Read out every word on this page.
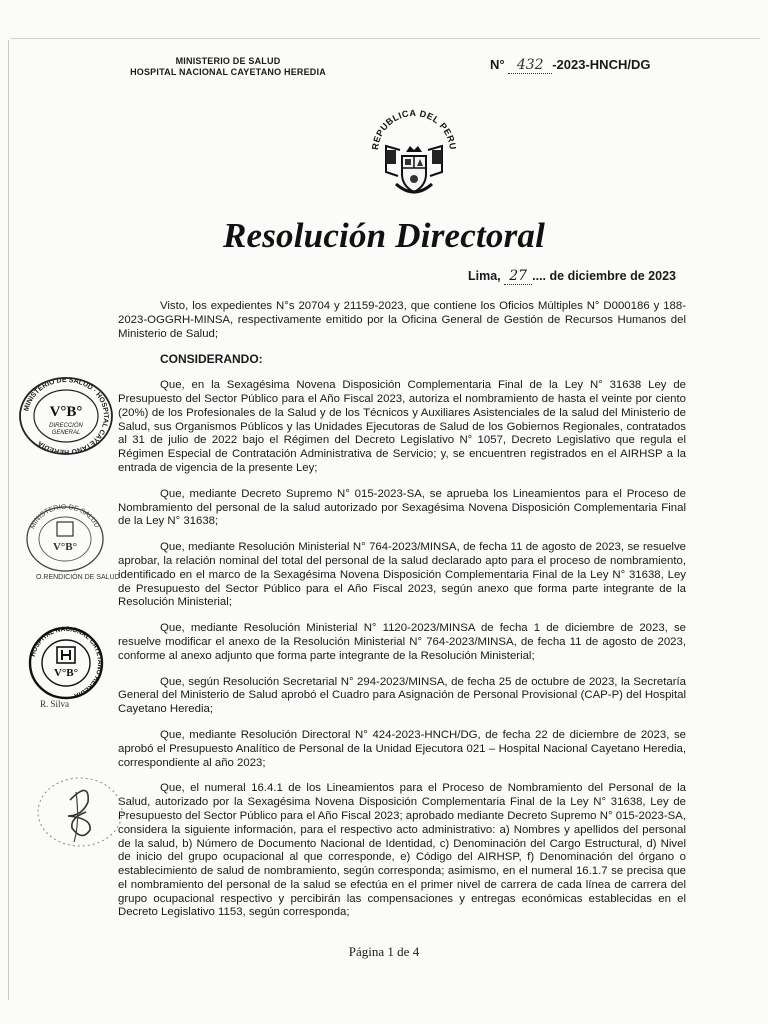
MINISTERIO DE SALUD
HOSPITAL NACIONAL CAYETANO HEREDIA	N° 432 -2023-HNCH/DG
REPUBLICA DEL PERU
Resolución Directoral
Lima, 27 .... de diciembre de 2023

Visto, los expedientes N°s 20704 y 21159-2023, que contiene los Oficios Múltiples N° D000186 y 188-2023-OGGRH-MINSA, respectivamente emitido por la Oficina General de Gestión de Recursos Humanos del Ministerio de Salud;

CONSIDERANDO:

Que, en la Sexagésima Novena Disposición Complementaria Final de la Ley N° 31638 Ley de Presupuesto del Sector Público para el Año Fiscal 2023, autoriza el nombramiento de hasta el veinte por ciento (20%) de los Profesionales de la Salud y de los Técnicos y Auxiliares Asistenciales de la salud del Ministerio de Salud, sus Organismos Públicos y las Unidades Ejecutoras de Salud de los Gobiernos Regionales, contratados al 31 de julio de 2022 bajo el Régimen del Decreto Legislativo N° 1057, Decreto Legislativo que regula el Régimen Especial de Contratación Administrativa de Servicio; y, se encuentren registrados en el AIRHSP a la entrada de vigencia de la presente Ley;

Que, mediante Decreto Supremo N° 015-2023-SA, se aprueba los Lineamientos para el Proceso de Nombramiento del personal de la salud autorizado por Sexagésima Novena Disposición Complementaria Final de la Ley N° 31638;

Que, mediante Resolución Ministerial N° 764-2023/MINSA, de fecha 11 de agosto de 2023, se resuelve aprobar, la relación nominal del total del personal de la salud declarado apto para el proceso de nombramiento, identificado en el marco de la Sexagésima Novena Disposición Complementaria Final de la Ley N° 31638, Ley de Presupuesto del Sector Público para el Año Fiscal 2023, según anexo que forma parte integrante de la Resolución Ministerial;

Que, mediante Resolución Ministerial N° 1120-2023/MINSA de fecha 1 de diciembre de 2023, se resuelve modificar el anexo de la Resolución Ministerial N° 764-2023/MINSA, de fecha 11 de agosto de 2023, conforme al anexo adjunto que forma parte integrante de la Resolución Ministerial;

Que, según Resolución Secretarial N° 294-2023/MINSA, de fecha 25 de octubre de 2023, la Secretaría General del Ministerio de Salud aprobó el Cuadro para Asignación de Personal Provisional (CAP-P) del Hospital Cayetano Heredia;

Que, mediante Resolución Directoral N° 424-2023-HNCH/DG, de fecha 22 de diciembre de 2023, se aprobó el Presupuesto Analítico de Personal de la Unidad Ejecutora 021 – Hospital Nacional Cayetano Heredia, correspondiente al año 2023;

Que, el numeral 16.4.1 de los Lineamientos para el Proceso de Nombramiento del Personal de la Salud, autorizado por la Sexagésima Novena Disposición Complementaria Final de la Ley N° 31638, Ley de Presupuesto del Sector Público para el Año Fiscal 2023; aprobado mediante Decreto Supremo N° 015-2023-SA, considera la siguiente información, para el respectivo acto administrativo: a) Nombres y apellidos del personal de la salud, b) Número de Documento Nacional de Identidad, c) Denominación del Cargo Estructural, d) Nivel de inicio del grupo ocupacional al que corresponde, e) Código del AIRHSP, f) Denominación del órgano o establecimiento de salud de nombramiento, según corresponda; asimismo, en el numeral 16.1.7 se precisa que el nombramiento del personal de la salud se efectúa en el primer nivel de carrera de cada línea de carrera del grupo ocupacional respectivo y percibirán las compensaciones y entregas económicas establecidas en el Decreto Legislativo 1153, según corresponda;

MINISTERIO DE SALUD · HOSPITAL CAYETANO HEREDIA
V°B°
DIRECCIÓN
GENERAL
MINISTERIO DE SALUD
V°B°
O.RENDICIÓN DE SALUD
HOSPITAL NACIONAL CAYETANO HEREDIA
V°B°
R. Silva
Página 1 de 4
